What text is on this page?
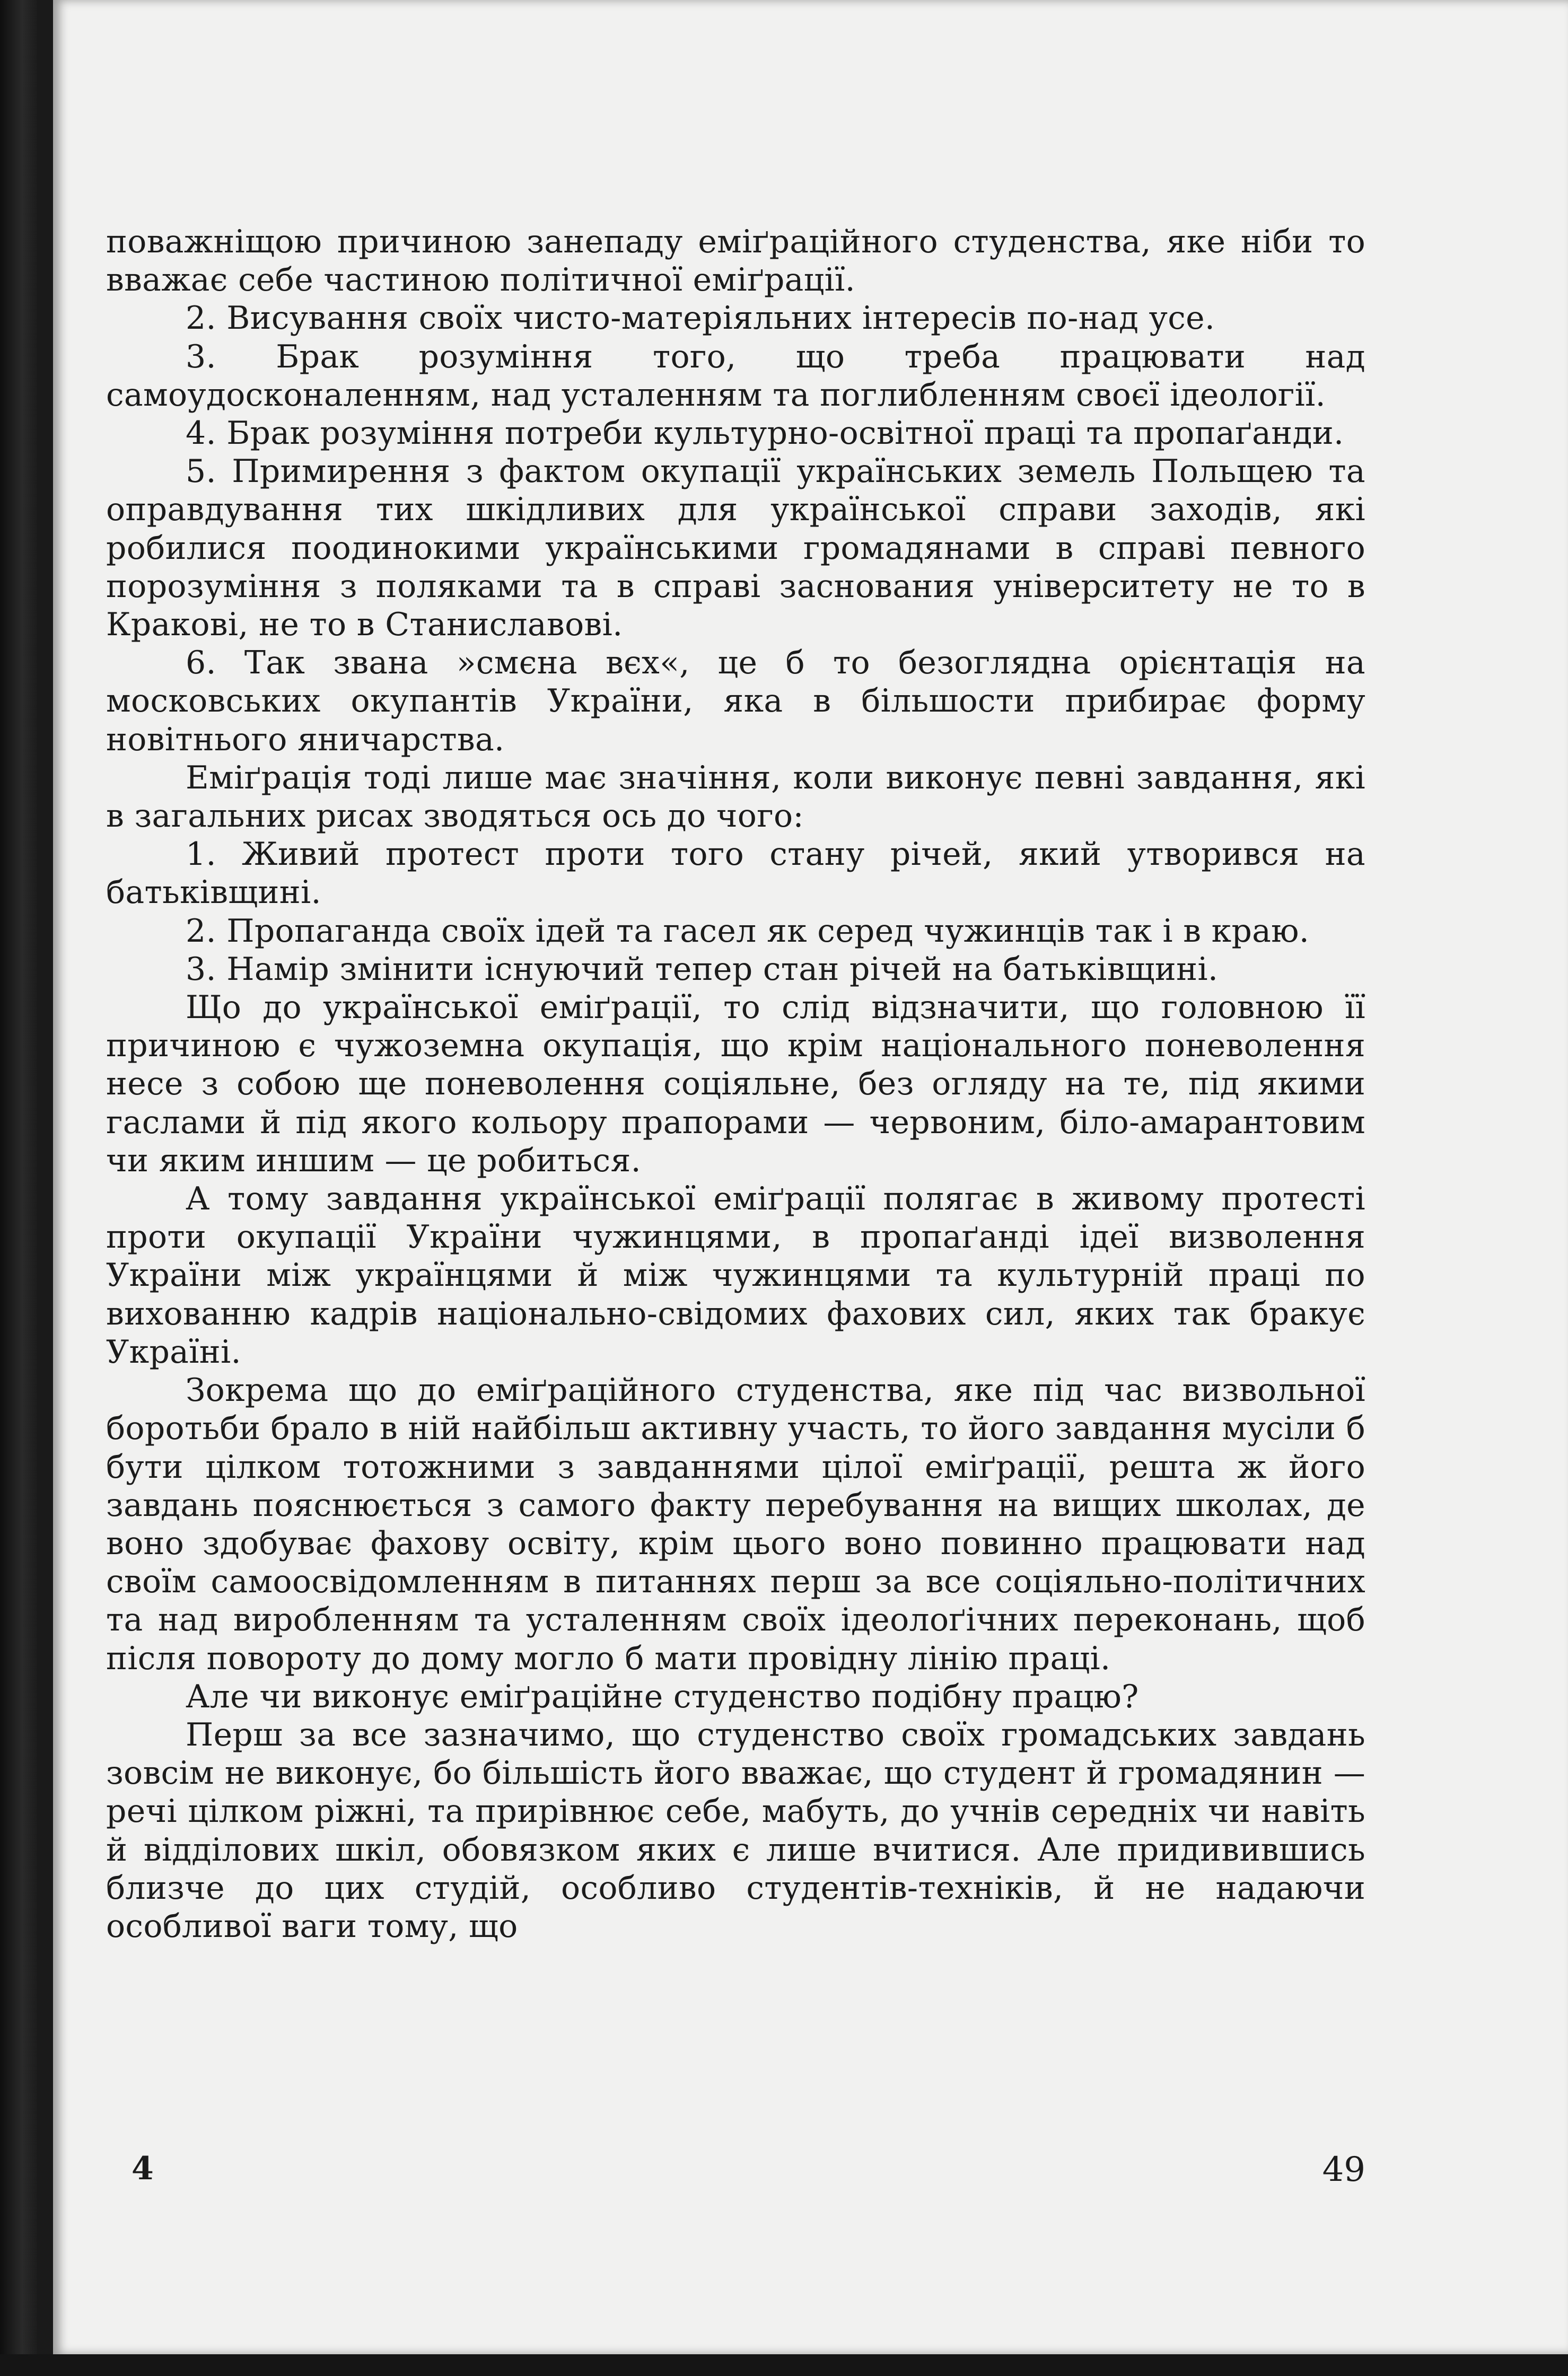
поважніщою причиною занепаду еміґраційного студенства, яке ніби то вважає себе частиною політичної еміґрації.

2. Висування своїх чисто-матеріяльних інтересів по-над усе.

3. Брак розуміння того, що треба працювати над самоудосконаленням, над усталенням та поглибленням своєї ідеології.

4. Брак розуміння потреби культурно-освітної праці та пропаґанди.

5. Примирення з фактом окупації українських земель Польщею та оправдування тих шкідливих для української справи заходів, які робилися поодинокими українськими громадянами в справі певного порозуміння з поляками та в справі заснования університету не то в Кракові, не то в Станиславові.

6. Так звана »смєна вєх«, це б то безоглядна орієнтація на московських окупантів України, яка в більшости прибирає форму новітнього яничарства.

Еміґрація тоді лише має значіння, коли виконує певні завдання, які в загальних рисах зводяться ось до чого:

1. Живий протест проти того стану річей, який утворився на батьківщині.

2. Пропаганда своїх ідей та гасел як серед чужинців так і в краю.

3. Намір змінити існуючий тепер стан річей на батьківщині.

Що до української еміґрації, то слід відзначити, що головною її причиною є чужоземна окупація, що крім національного поневолення несе з собою ще поневолення соціяльне, без огляду на те, під якими гаслами й під якого кольору прапорами — червоним, біло-амарантовим чи яким иншим — це робиться.

А тому завдання української еміґрації полягає в живому протесті проти окупації України чужинцями, в пропаґанді ідеї визволення України між українцями й між чужинцями та культурній праці по вихованню кадрів національно-свідомих фахових сил, яких так бракує Україні.

Зокрема що до еміґраційного студенства, яке під час визвольної боротьби брало в ній найбільш активну участь, то його завдання мусіли б бути цілком тотожними з завданнями цілої еміґрації, решта ж його завдань пояснюється з самого факту перебування на вищих школах, де воно здобуває фахову освіту, крім цього воно повинно працювати над своїм самоосвідомленням в питаннях перш за все соціяльно-політичних та над виробленням та усталенням своїх ідеолоґічних переконань, щоб після повороту до дому могло б мати провідну лінію праці.

Але чи виконує еміґраційне студенство подібну працю?

Перш за все зазначимо, що студенство своїх громадських завдань зовсім не виконує, бо більшість його вважає, що студент й громадянин — речі цілком ріжні, та прирівнює себе, мабуть, до учнів середніх чи навіть й відділових шкіл, обовязком яких є лише вчитися. Але придивившись близче до цих студій, особливо студентів-техніків, й не надаючи особливої ваги тому, що

4	49
